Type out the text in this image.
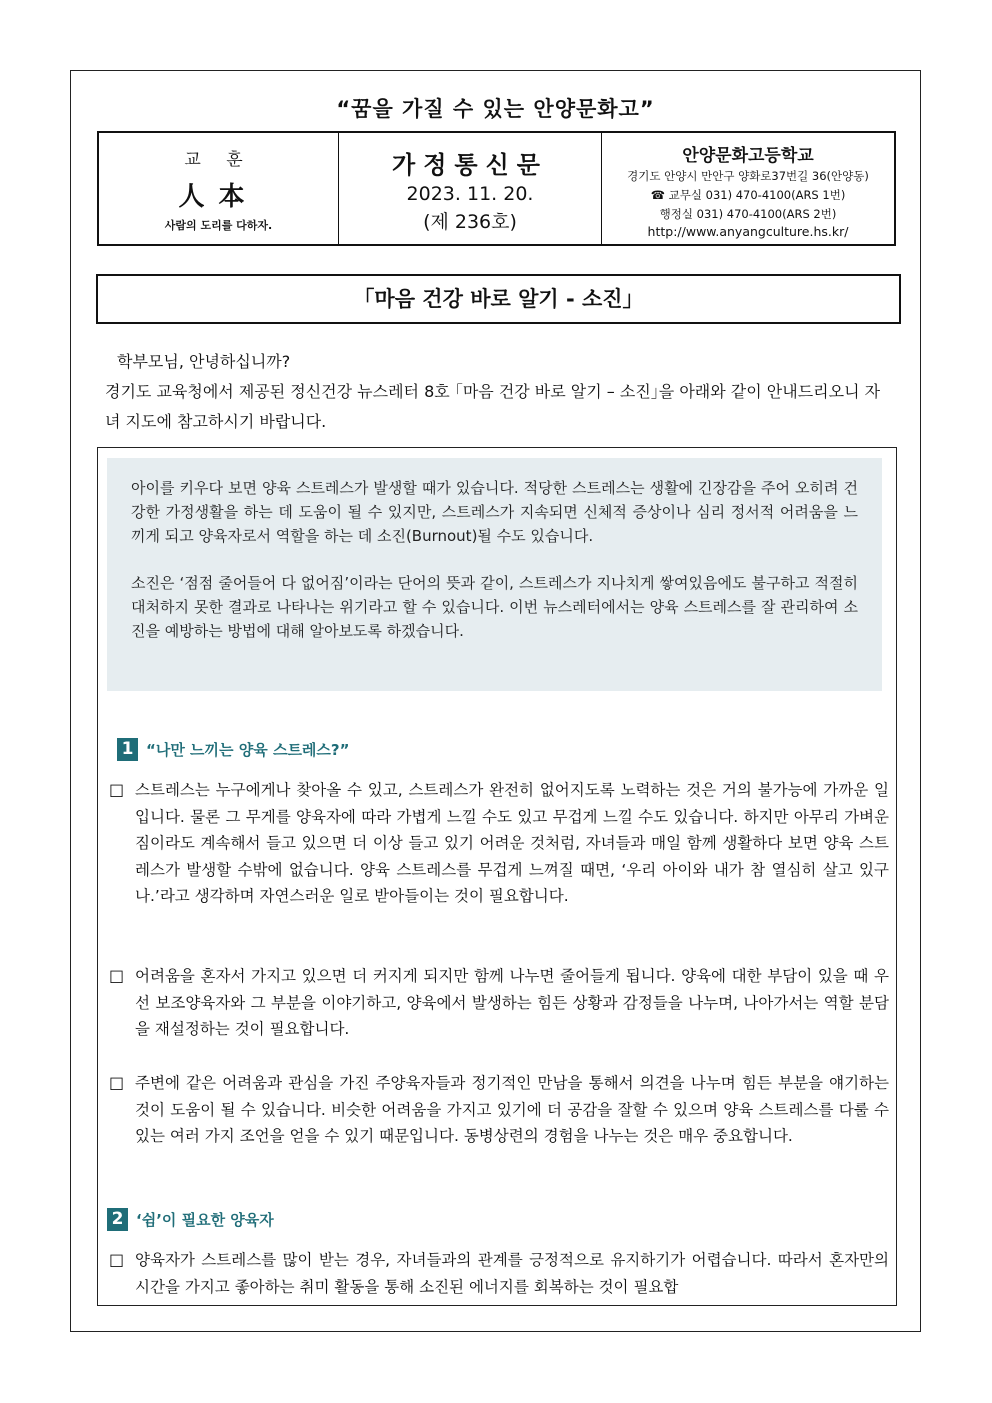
“꿈을 가질 수 있는 안양문화고”
교 훈
人本
사람의 도리를 다하자.
가정통신문
2023. 11. 20.
(제 236호)
안양문화고등학교
경기도 안양시 만안구 양화로37번길 36(안양동)
☎ 교무실 031) 470-4100(ARS 1번)
행정실 031) 470-4100(ARS 2번)
http://www.anyangculture.hs.kr/
｢마음 건강 바로 알기 - 소진｣

학부모님, 안녕하십니까?

경기도 교육청에서 제공된 정신건강 뉴스레터 8호 ｢마음 건강 바로 알기 – 소진｣을 아래와 같이 안내드리오니 자녀 지도에 참고하시기 바랍니다.

아이를 키우다 보면 양육 스트레스가 발생할 때가 있습니다. 적당한 스트레스는 생활에 긴장감을 주어 오히려 건강한 가정생활을 하는 데 도움이 될 수 있지만, 스트레스가 지속되면 신체적 증상이나 심리 정서적 어려움을 느끼게 되고 양육자로서 역할을 하는 데 소진(Burnout)될 수도 있습니다.

소진은 ‘점점 줄어들어 다 없어짐’이라는 단어의 뜻과 같이, 스트레스가 지나치게 쌓여있음에도 불구하고 적절히 대처하지 못한 결과로 나타나는 위기라고 할 수 있습니다. 이번 뉴스레터에서는 양육 스트레스를 잘 관리하여 소진을 예방하는 방법에 대해 알아보도록 하겠습니다.

1 “나만 느끼는 양육 스트레스?”
□ 스트레스는 누구에게나 찾아올 수 있고, 스트레스가 완전히 없어지도록 노력하는 것은 거의 불가능에 가까운 일입니다. 물론 그 무게를 양육자에 따라 가볍게 느낄 수도 있고 무겁게 느낄 수도 있습니다. 하지만 아무리 가벼운 짐이라도 계속해서 들고 있으면 더 이상 들고 있기 어려운 것처럼, 자녀들과 매일 함께 생활하다 보면 양육 스트레스가 발생할 수밖에 없습니다. 양육 스트레스를 무겁게 느껴질 때면, ‘우리 아이와 내가 참 열심히 살고 있구나.’라고 생각하며 자연스러운 일로 받아들이는 것이 필요합니다.
□ 어려움을 혼자서 가지고 있으면 더 커지게 되지만 함께 나누면 줄어들게 됩니다. 양육에 대한 부담이 있을 때 우선 보조양육자와 그 부분을 이야기하고, 양육에서 발생하는 힘든 상황과 감정들을 나누며, 나아가서는 역할 분담을 재설정하는 것이 필요합니다.
□ 주변에 같은 어려움과 관심을 가진 주양육자들과 정기적인 만남을 통해서 의견을 나누며 힘든 부분을 얘기하는 것이 도움이 될 수 있습니다. 비슷한 어려움을 가지고 있기에 더 공감을 잘할 수 있으며 양육 스트레스를 다룰 수 있는 여러 가지 조언을 얻을 수 있기 때문입니다. 동병상련의 경험을 나누는 것은 매우 중요합니다.
2 ‘쉼’이 필요한 양육자
□ 양육자가 스트레스를 많이 받는 경우, 자녀들과의 관계를 긍정적으로 유지하기가 어렵습니다. 따라서 혼자만의 시간을 가지고 좋아하는 취미 활동을 통해 소진된 에너지를 회복하는 것이 필요합
